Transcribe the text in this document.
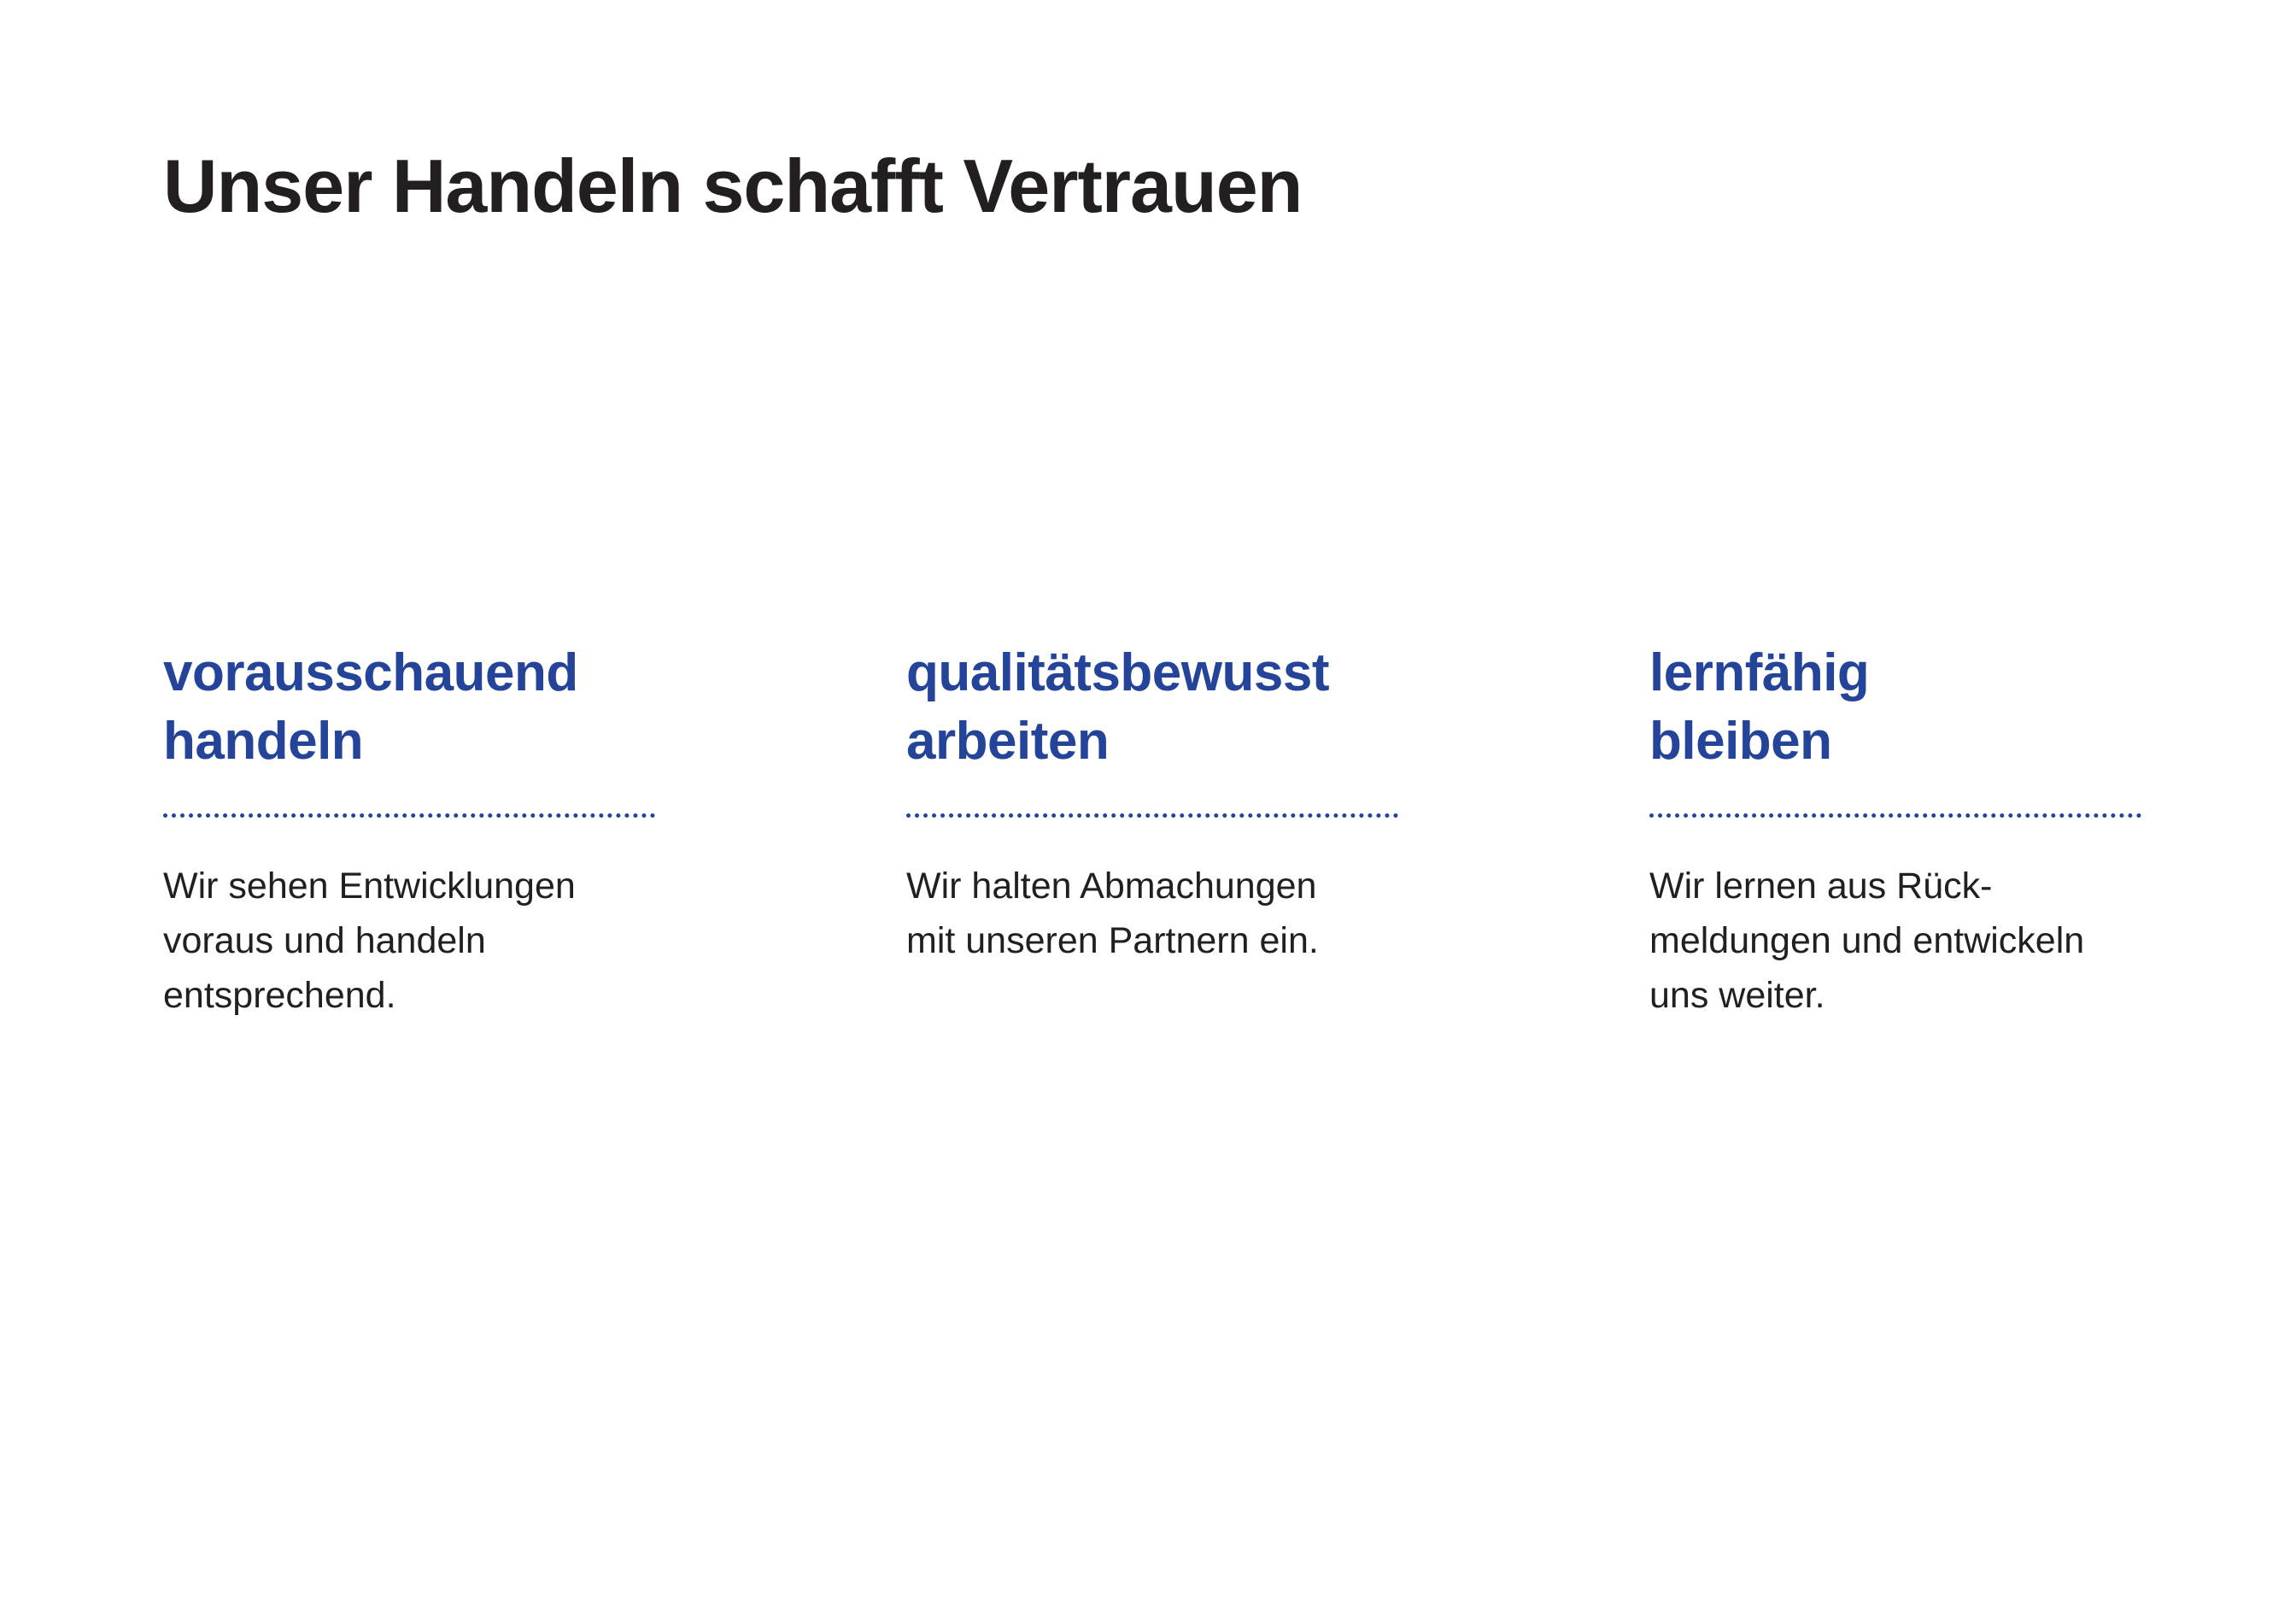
Unser Handeln schafft Vertrauen
vorausschauend
handeln
Wir sehen Entwicklungen
voraus und handeln
entsprechend.
qualitätsbewusst
arbeiten
Wir halten Abmachungen
mit unseren Partnern ein.
lernfähig
bleiben
Wir lernen aus Rück-
meldungen und entwickeln
uns weiter.
